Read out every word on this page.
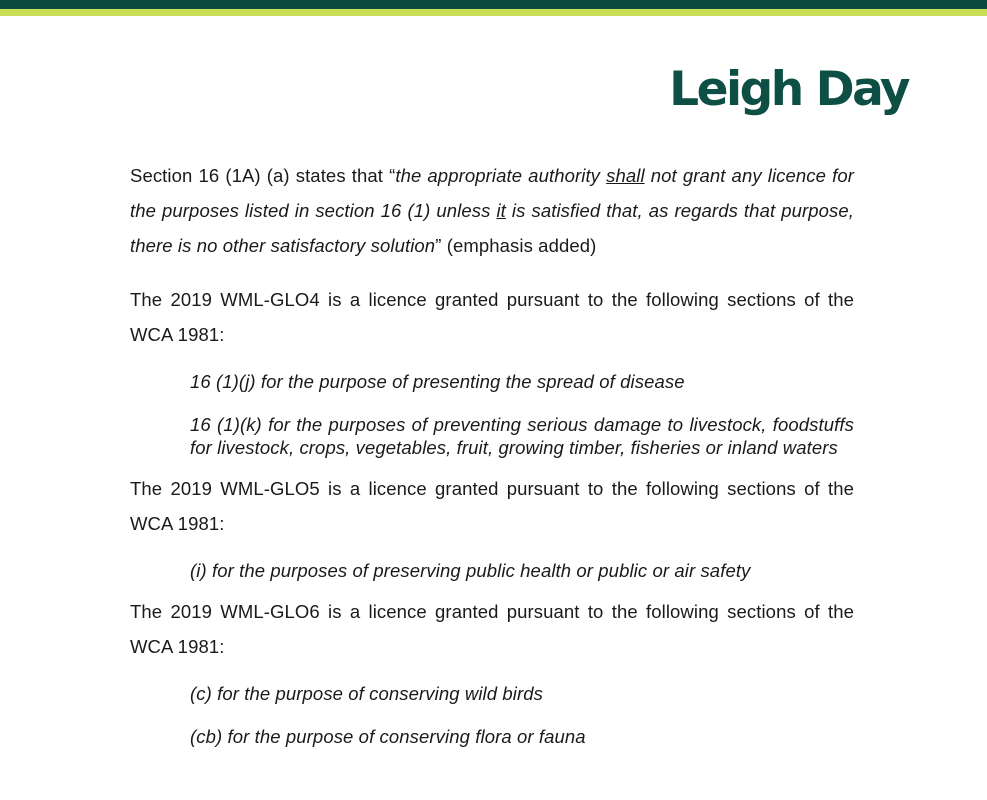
Leigh Day

Section 16 (1A) (a) states that “the appropriate authority shall not grant any licence for the purposes listed in section 16 (1) unless it is satisfied that, as regards that purpose, there is no other satisfactory solution” (emphasis added)

The 2019 WML-GLO4 is a licence granted pursuant to the following sections of the WCA 1981:

16 (1)(j) for the purpose of presenting the spread of disease

16 (1)(k) for the purposes of preventing serious damage to livestock, foodstuffs for livestock, crops, vegetables, fruit, growing timber, fisheries or inland waters

The 2019 WML-GLO5 is a licence granted pursuant to the following sections of the WCA 1981:

(i) for the purposes of preserving public health or public or air safety

The 2019 WML-GLO6 is a licence granted pursuant to the following sections of the WCA 1981:

(c) for the purpose of conserving wild birds

(cb) for the purpose of conserving flora or fauna
